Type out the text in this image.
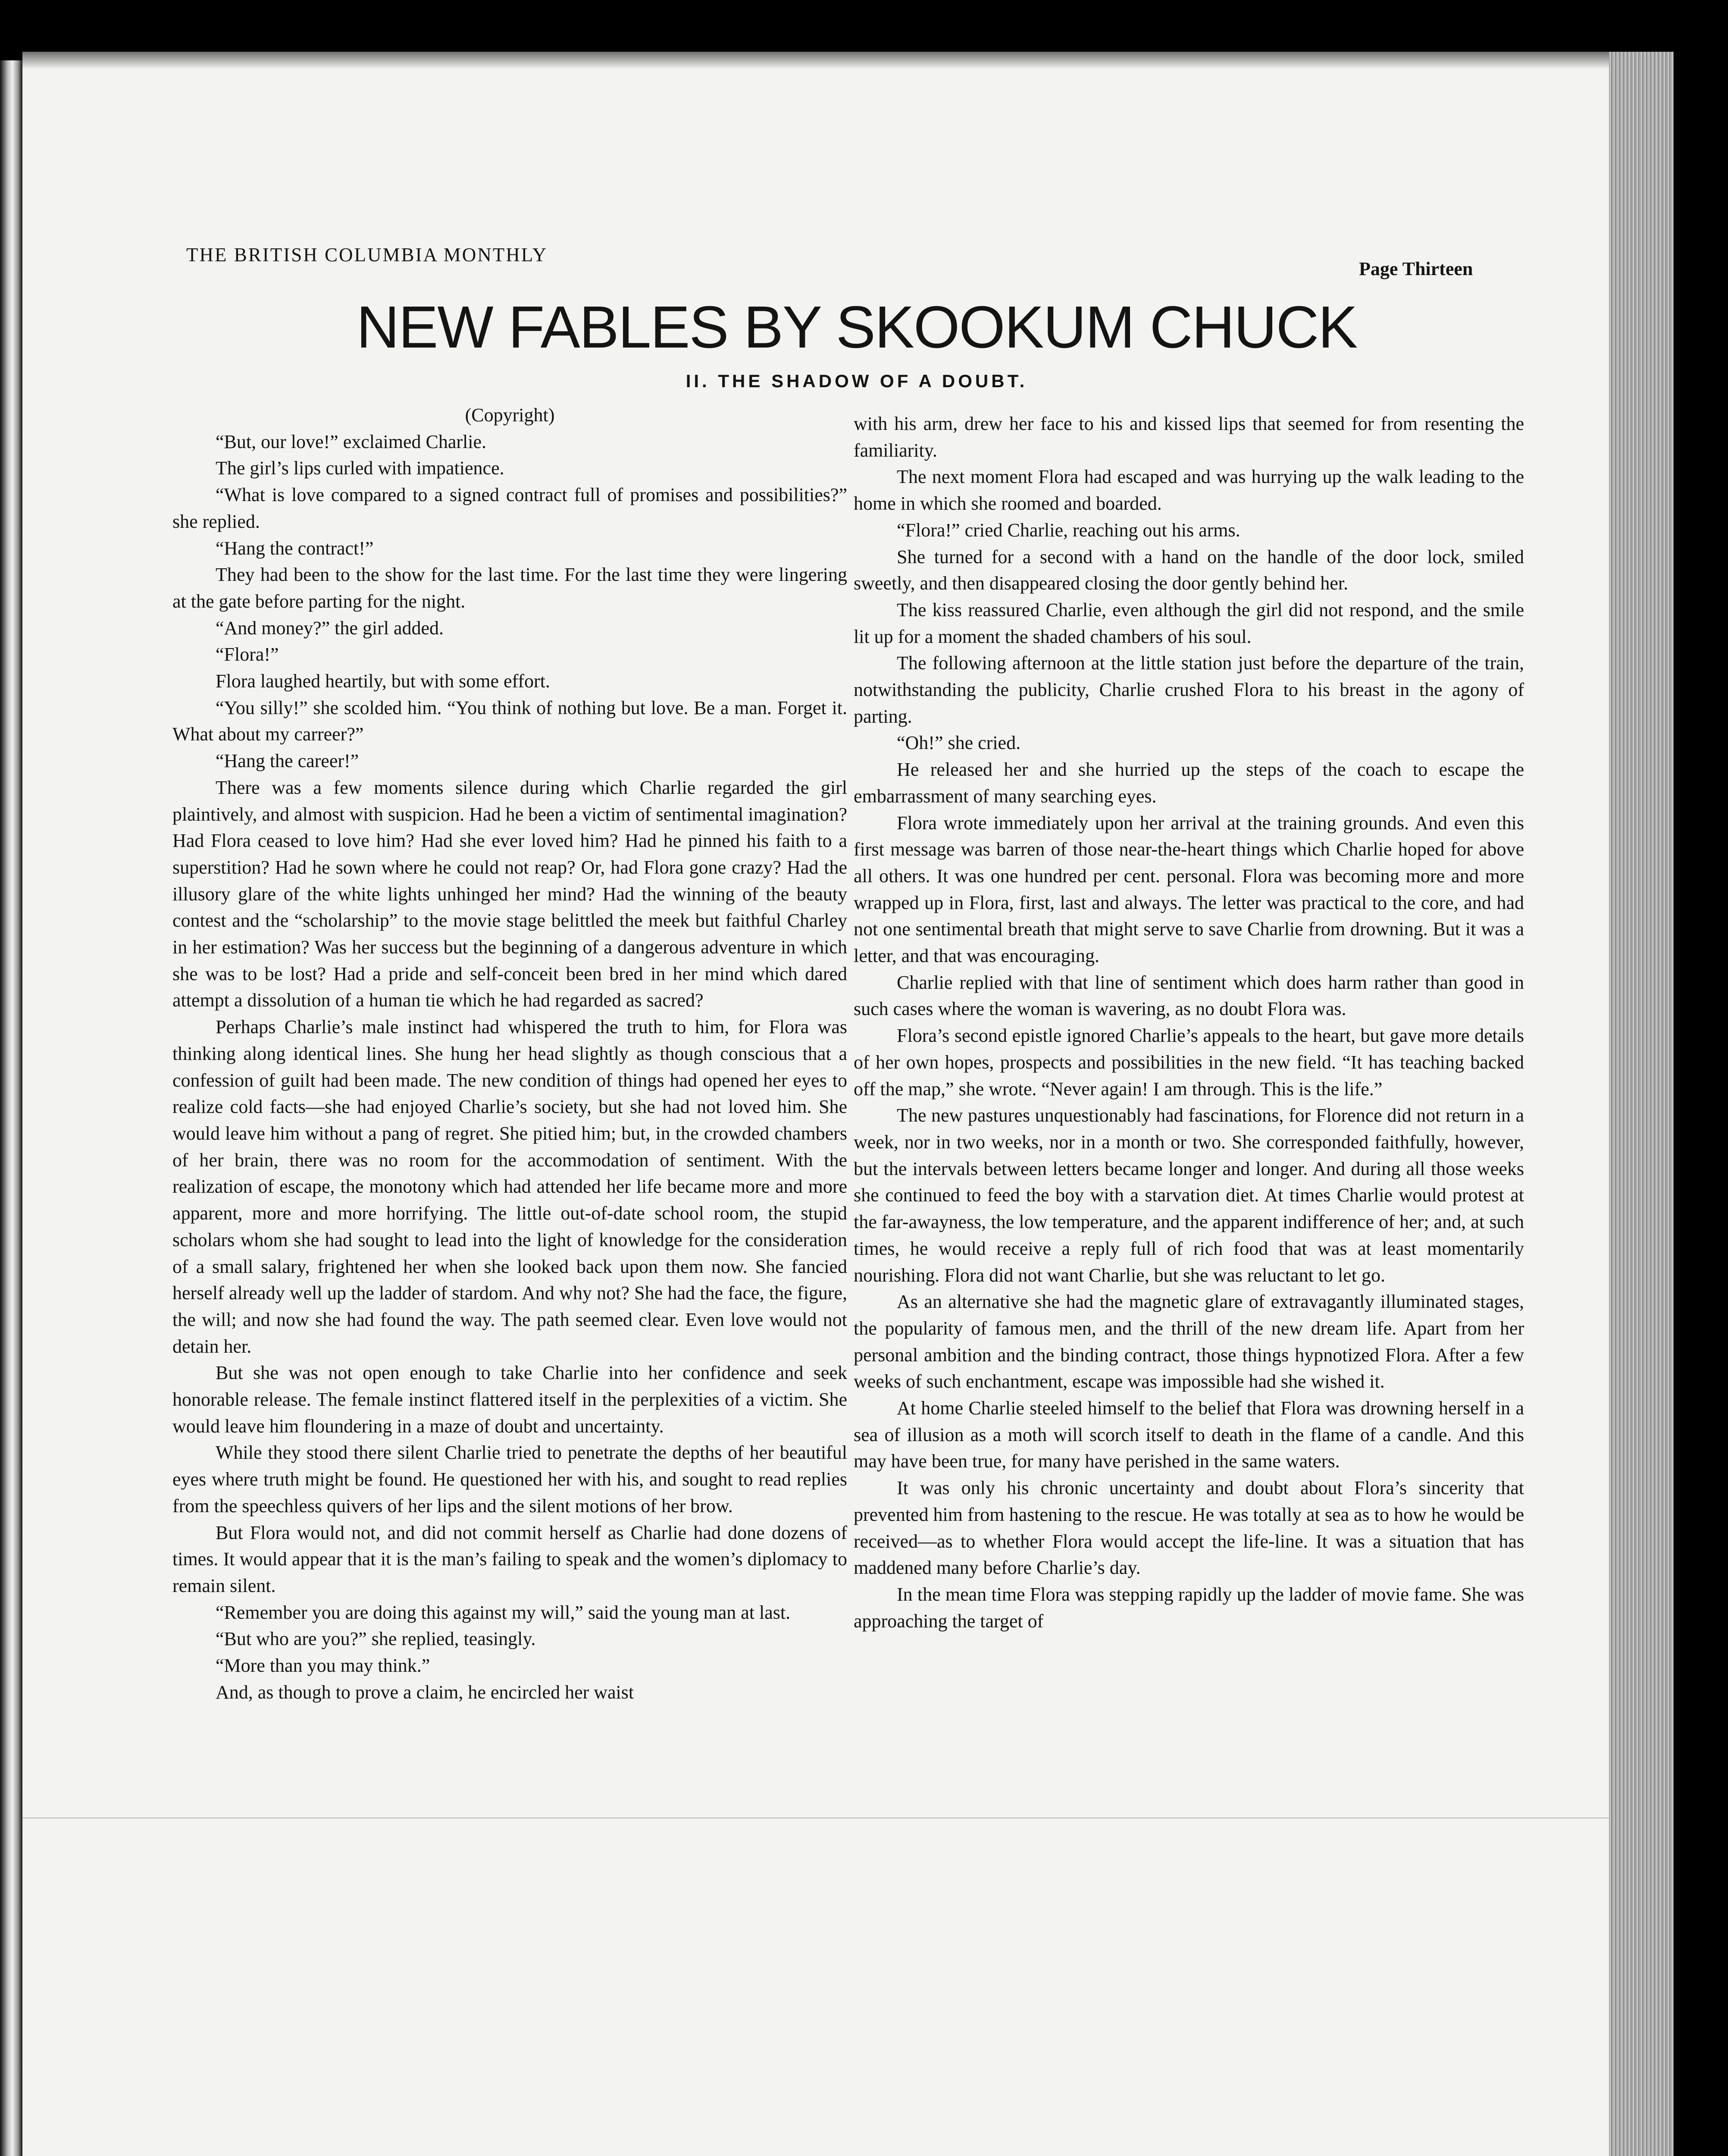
THE BRITISH COLUMBIA MONTHLY
Page Thirteen
NEW FABLES BY SKOOKUM CHUCK
II. THE SHADOW OF A DOUBT.

(Copyright)

“But, our love!” exclaimed Charlie.

The girl’s lips curled with impatience.

“What is love compared to a signed contract full of promises and possibilities?” she replied.

“Hang the contract!”

They had been to the show for the last time. For the last time they were lingering at the gate before parting for the night.

“And money?” the girl added.

“Flora!”

Flora laughed heartily, but with some effort.

“You silly!” she scolded him. “You think of nothing but love. Be a man. Forget it. What about my carreer?”

“Hang the career!”

There was a few moments silence during which Charlie regarded the girl plaintively, and almost with suspicion. Had he been a victim of sentimental imagination? Had Flora ceased to love him? Had she ever loved him? Had he pinned his faith to a superstition? Had he sown where he could not reap? Or, had Flora gone crazy? Had the illusory glare of the white lights unhinged her mind? Had the winning of the beauty contest and the “scholarship” to the movie stage belittled the meek but faithful Charley in her estimation? Was her success but the beginning of a dangerous adventure in which she was to be lost? Had a pride and self-conceit been bred in her mind which dared attempt a dissolution of a human tie which he had regarded as sacred?

Perhaps Charlie’s male instinct had whispered the truth to him, for Flora was thinking along identical lines. She hung her head slightly as though conscious that a confession of guilt had been made. The new condition of things had opened her eyes to realize cold facts—she had enjoyed Charlie’s society, but she had not loved him. She would leave him without a pang of regret. She pitied him; but, in the crowded chambers of her brain, there was no room for the accommodation of sentiment. With the realization of escape, the monotony which had attended her life became more and more apparent, more and more horrifying. The little out-of-date school room, the stupid scholars whom she had sought to lead into the light of knowledge for the consideration of a small salary, frightened her when she looked back upon them now. She fancied herself already well up the ladder of stardom. And why not? She had the face, the figure, the will; and now she had found the way. The path seemed clear. Even love would not detain her.

But she was not open enough to take Charlie into her confidence and seek honorable release. The female instinct flattered itself in the perplexities of a victim. She would leave him floundering in a maze of doubt and uncertainty.

While they stood there silent Charlie tried to penetrate the depths of her beautiful eyes where truth might be found. He questioned her with his, and sought to read replies from the speechless quivers of her lips and the silent motions of her brow.

But Flora would not, and did not commit herself as Charlie had done dozens of times. It would appear that it is the man’s failing to speak and the women’s diplomacy to remain silent.

“Remember you are doing this against my will,” said the young man at last.

“But who are you?” she replied, teasingly.

“More than you may think.”

And, as though to prove a claim, he encircled her waist

with his arm, drew her face to his and kissed lips that seemed for from resenting the familiarity.

The next moment Flora had escaped and was hurrying up the walk leading to the home in which she roomed and boarded.

“Flora!” cried Charlie, reaching out his arms.

She turned for a second with a hand on the handle of the door lock, smiled sweetly, and then disappeared closing the door gently behind her.

The kiss reassured Charlie, even although the girl did not respond, and the smile lit up for a moment the shaded chambers of his soul.

The following afternoon at the little station just before the departure of the train, notwithstanding the publicity, Charlie crushed Flora to his breast in the agony of parting.

“Oh!” she cried.

He released her and she hurried up the steps of the coach to escape the embarrassment of many searching eyes.

Flora wrote immediately upon her arrival at the training grounds. And even this first message was barren of those near-the-heart things which Charlie hoped for above all others. It was one hundred per cent. personal. Flora was becoming more and more wrapped up in Flora, first, last and always. The letter was practical to the core, and had not one sentimental breath that might serve to save Charlie from drowning. But it was a letter, and that was encouraging.

Charlie replied with that line of sentiment which does harm rather than good in such cases where the woman is wavering, as no doubt Flora was.

Flora’s second epistle ignored Charlie’s appeals to the heart, but gave more details of her own hopes, prospects and possibilities in the new field. “It has teaching backed off the map,” she wrote. “Never again! I am through. This is the life.”

The new pastures unquestionably had fascinations, for Florence did not return in a week, nor in two weeks, nor in a month or two. She corresponded faithfully, however, but the intervals between letters became longer and longer. And during all those weeks she continued to feed the boy with a starvation diet. At times Charlie would protest at the far-awayness, the low temperature, and the apparent indifference of her; and, at such times, he would receive a reply full of rich food that was at least momentarily nourishing. Flora did not want Charlie, but she was reluctant to let go.

As an alternative she had the magnetic glare of extravagantly illuminated stages, the popularity of famous men, and the thrill of the new dream life. Apart from her personal ambition and the binding contract, those things hypnotized Flora. After a few weeks of such enchantment, escape was impossible had she wished it.

At home Charlie steeled himself to the belief that Flora was drowning herself in a sea of illusion as a moth will scorch itself to death in the flame of a candle. And this may have been true, for many have perished in the same waters.

It was only his chronic uncertainty and doubt about Flora’s sincerity that prevented him from hastening to the rescue. He was totally at sea as to how he would be received—as to whether Flora would accept the life-line. It was a situation that has maddened many before Charlie’s day.

In the mean time Flora was stepping rapidly up the ladder of movie fame. She was approaching the target of
